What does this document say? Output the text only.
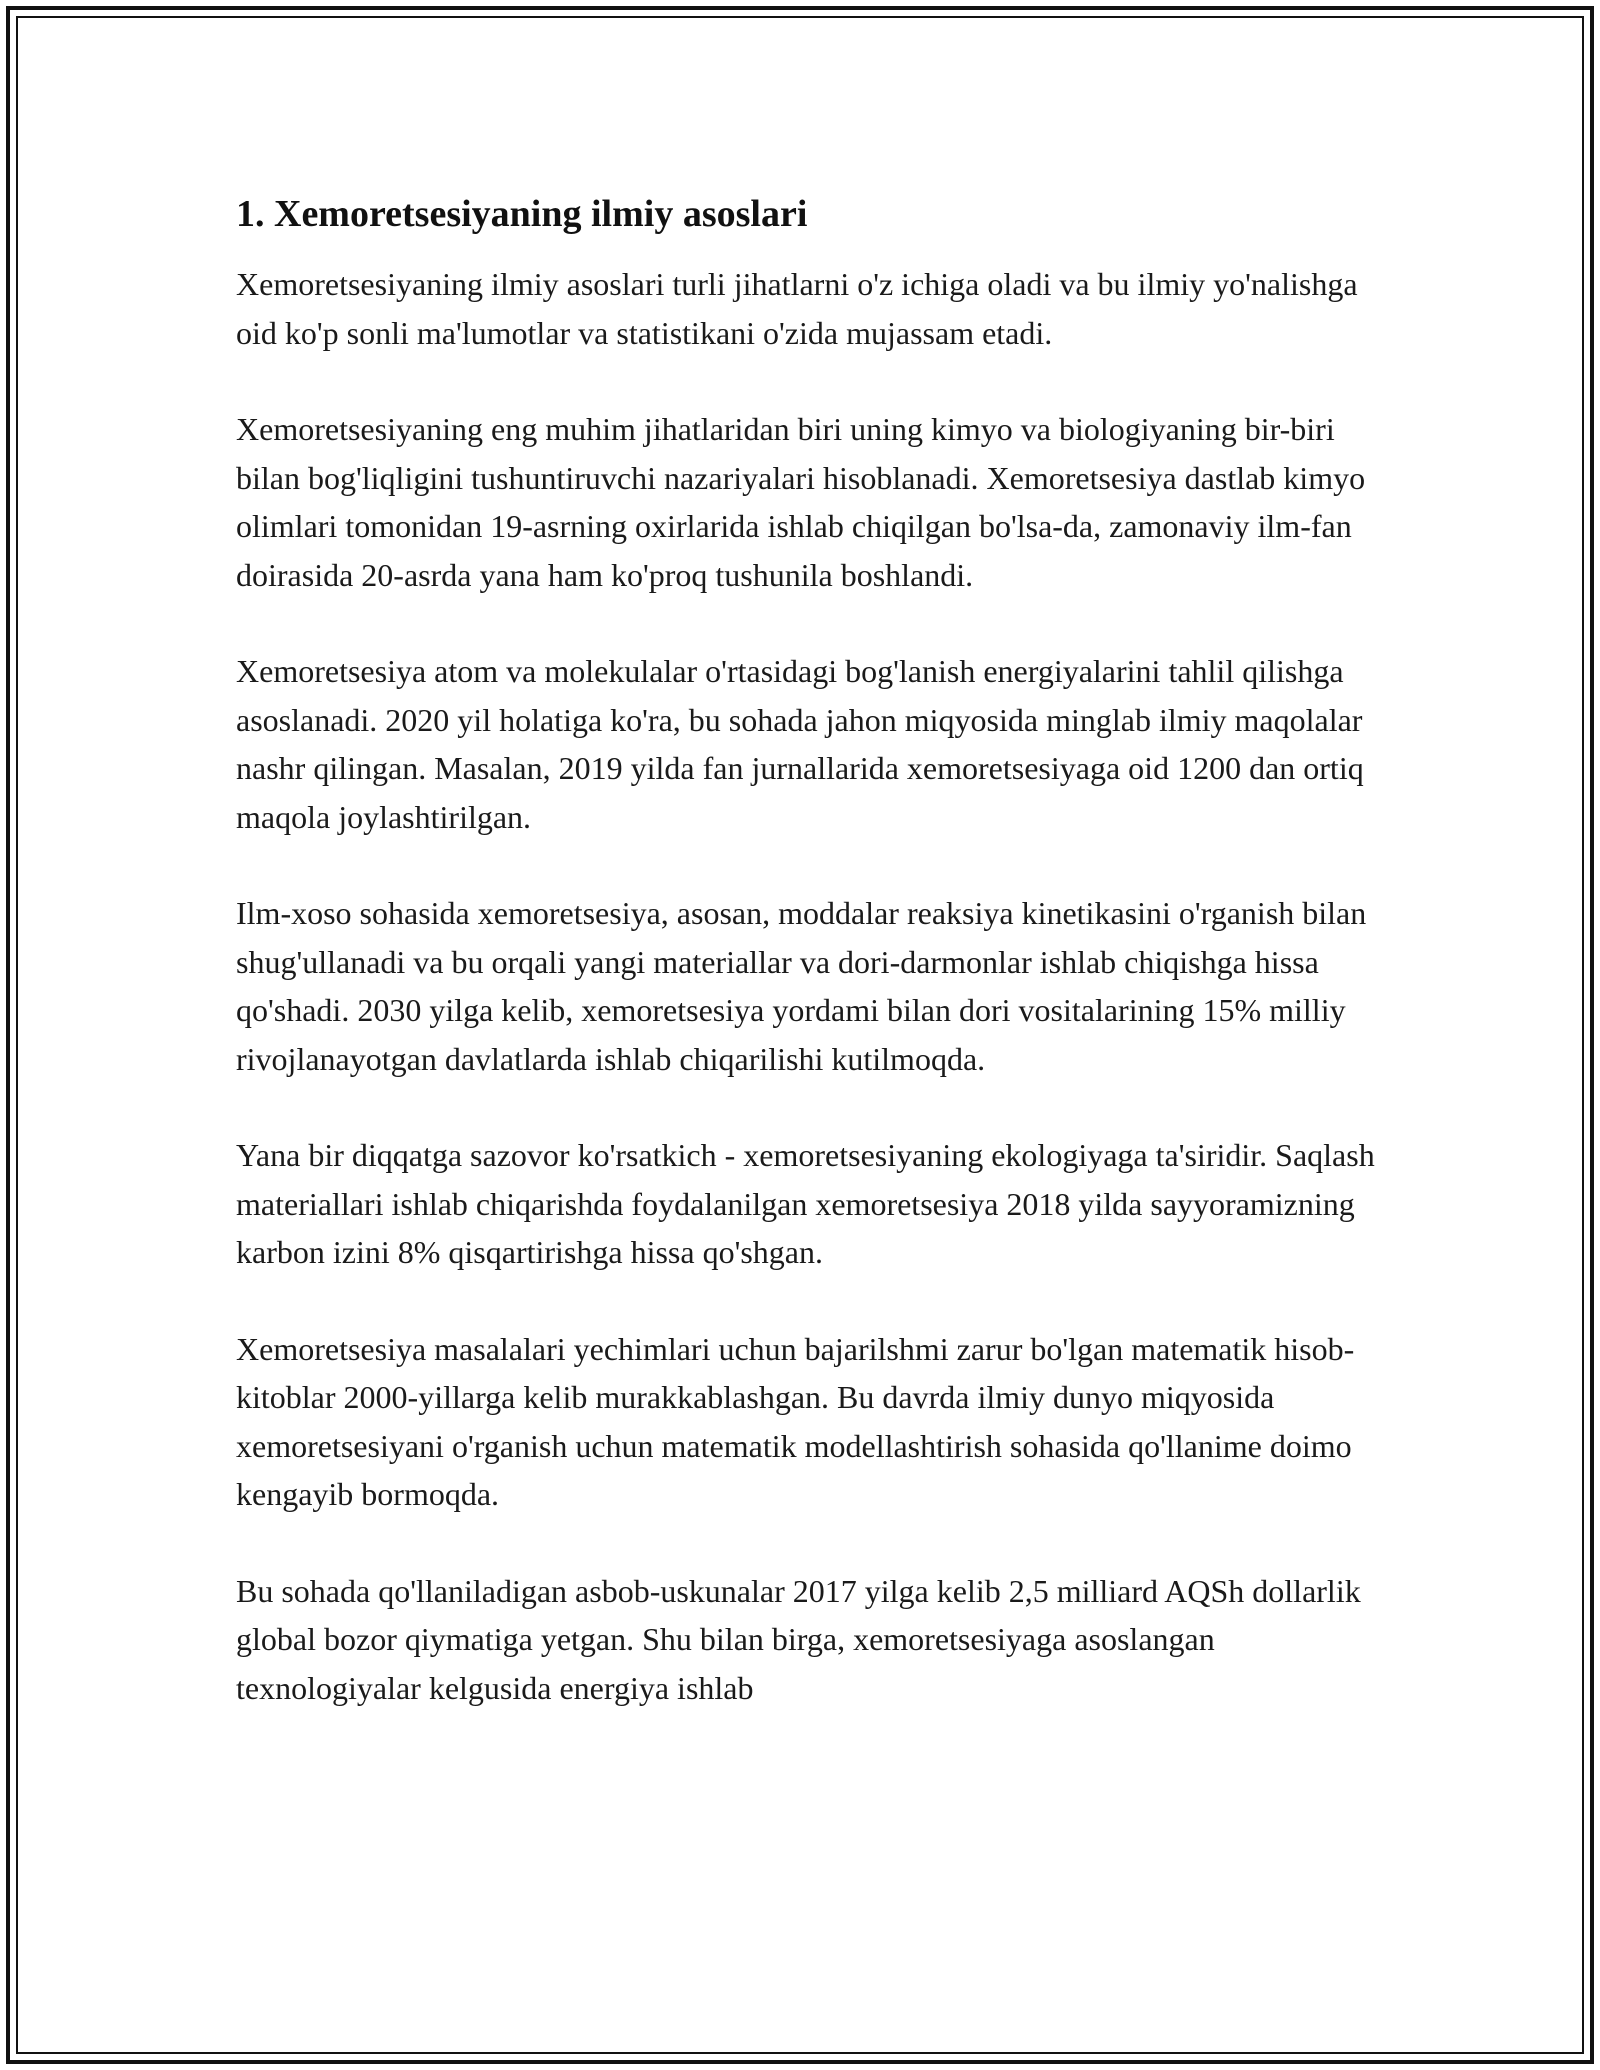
1. Xemoretsesiyaning ilmiy asoslari

Xemoretsesiyaning ilmiy asoslari turli jihatlarni o'z ichiga oladi va bu ilmiy yo'nalishga oid ko'p sonli ma'lumotlar va statistikani o'zida mujassam etadi.

Xemoretsesiyaning eng muhim jihatlaridan biri uning kimyo va biologiyaning bir-biri bilan bog'liqligini tushuntiruvchi nazariyalari hisoblanadi. Xemoretsesiya dastlab kimyo olimlari tomonidan 19-asrning oxirlarida ishlab chiqilgan bo'lsa-da, zamonaviy ilm-fan doirasida 20-asrda yana ham ko'proq tushunila boshlandi.

Xemoretsesiya atom va molekulalar o'rtasidagi bog'lanish energiyalarini tahlil qilishga asoslanadi. 2020 yil holatiga ko'ra, bu sohada jahon miqyosida minglab ilmiy maqolalar nashr qilingan. Masalan, 2019 yilda fan jurnallarida xemoretsesiyaga oid 1200 dan ortiq maqola joylashtirilgan.

Ilm-xoso sohasida xemoretsesiya, asosan, moddalar reaksiya kinetikasini o'rganish bilan shug'ullanadi va bu orqali yangi materiallar va dori-darmonlar ishlab chiqishga hissa qo'shadi. 2030 yilga kelib, xemoretsesiya yordami bilan dori vositalarining 15% milliy rivojlanayotgan davlatlarda ishlab chiqarilishi kutilmoqda.

Yana bir diqqatga sazovor ko'rsatkich - xemoretsesiyaning ekologiyaga ta'siridir. Saqlash materiallari ishlab chiqarishda foydalanilgan xemoretsesiya 2018 yilda sayyoramizning karbon izini 8% qisqartirishga hissa qo'shgan.

Xemoretsesiya masalalari yechimlari uchun bajarilshmi zarur bo'lgan matematik hisob-kitoblar 2000-yillarga kelib murakkablashgan. Bu davrda ilmiy dunyo miqyosida xemoretsesiyani o'rganish uchun matematik modellashtirish sohasida qo'llanime doimo kengayib bormoqda.

Bu sohada qo'llaniladigan asbob-uskunalar 2017 yilga kelib 2,5 milliard AQSh dollarlik global bozor qiymatiga yetgan. Shu bilan birga, xemoretsesiyaga asoslangan texnologiyalar kelgusida energiya ishlab
